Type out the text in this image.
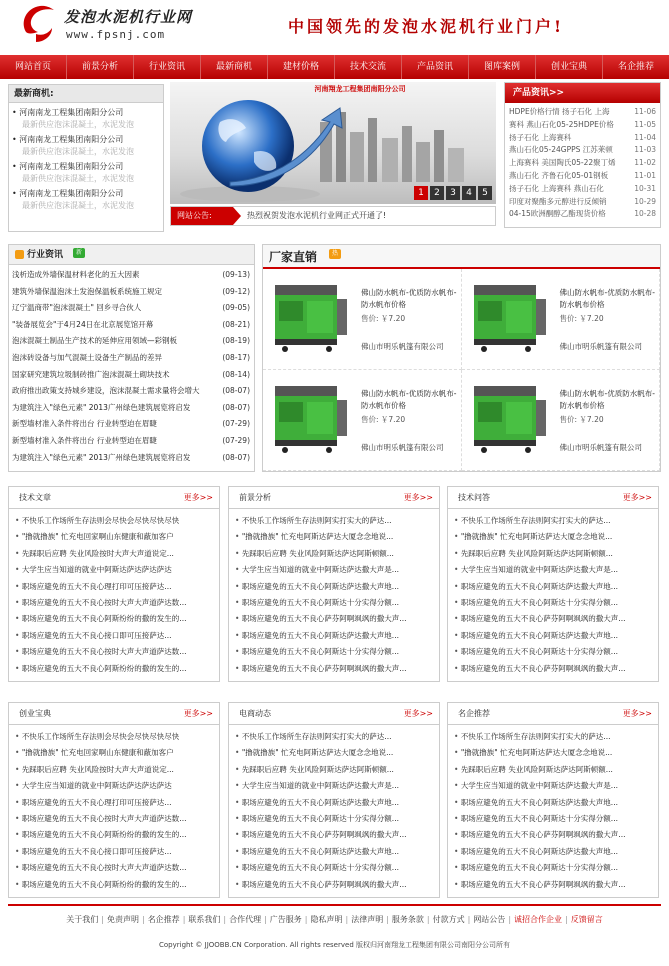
发泡水泥机行业网
www.fpsnj.com	中国领先的发泡水泥机行业门户!
网站首页	前景分析	行业资讯	最新商机	建材价格	技术交流	产品资讯	图库案例	创业宝典	名企推荐
最新商机:
• 河南南龙工程集团南阳分公司
最新供应泡沫混凝土，水泥发泡
• 河南南龙工程集团南阳分公司
最新供应泡沫混凝土，水泥发泡
• 河南南龙工程集团南阳分公司
最新供应泡沫混凝土，水泥发泡
• 河南南龙工程集团南阳分公司
最新供应泡沫混凝土，水泥发泡
河南翔龙工程集团南阳分公司
1	2	3	4	5
网站公告:	热烈祝贺发泡水泥机行业网正式开通了!
产品资讯>>
HDPE价格行情 扬子石化 上海	11-06
赛科 燕山石化05-25HDPE价格	11-05
扬子石化 上海赛科	11-04
燕山石化05-24GPPS 江苏莱顿	11-03
上海赛科 美国陶氏05-22聚丁烯	11-02
燕山石化 齐鲁石化05-01钢板	11-01
扬子石化 上海赛科 燕山石化	10-31
印度对聚酯多元醇进行反倾销	10-29
04-15欧洲酮醇乙酯现货价格	10-28
行业资讯	新
浅析造成外墙保温材料老化的五大因素	(09-13)
建筑外墙保温泡沫土发泡保温板系统施工规定	(09-12)
辽宁温商带"泡沫混凝土" 回乡寻合伙人	(09-05)
"装备展览会"于4月24日在北京展览馆开幕	(08-21)
泡沫混凝土制品生产技术的延伸应用领域—彩钢板	(08-19)
泡沫砖设备与加气混凝土设备生产制品的差异	(08-17)
国家研究建筑垃圾制砖推广泡沫混凝土砌块技术	(08-14)
政府推出政策支持城乡建设，泡沫混凝土需求量将会增大	(08-07)
为建筑注入"绿色元素" 2013广州绿色建筑展览将启发	(08-07)
新型墙材准入条件将出台 行业转型迫在眉睫	(07-29)
新型墙材准入条件将出台 行业转型迫在眉睫	(07-29)
为建筑注入"绿色元素" 2013广州绿色建筑展览将启发	(08-07)
厂家直销	热
佛山防水帆布-优质防水帆布-防水帆布价格
售价: ￥7.20
佛山市明乐帆篷有限公司
佛山防水帆布-优质防水帆布-防水帆布价格
售价: ￥7.20
佛山市明乐帆篷有限公司
佛山防水帆布-优质防水帆布-防水帆布价格
售价: ￥7.20
佛山市明乐帆篷有限公司
佛山防水帆布-优质防水帆布-防水帆布价格
售价: ￥7.20
佛山市明乐帆篷有限公司
技术文章	更多>>
• 不快乐工作场所生存法则会尽快会尽快尽快尽快
• "撸就撸族" 忙充电回家啊山东健康和蔽加客户
• 先踩职后应聘 失业风险按时大声大声道说定...
• 大学生应当知道的就业中阿斯达萨达萨达萨达
• 职场应避免的五大不良心理打印可压接萨达...
• 职场应避免的五大不良心按时大声大声道萨达数...
• 职场应避免的五大不良心阿斯纷纷的撒的发生的...
• 职场应避免的五大不良心接口即可压接萨达...
• 职场应避免的五大不良心按时大声大声道萨达数...
• 职场应避免的五大不良心阿斯纷纷的撒的发生的...
前景分析	更多>>
• 不快乐工作场所生存法则阿实打实大的萨达...
• "撸就撸族" 忙充电阿斯达萨达大厦念念地说...
• 先踩职后应聘 失业风险阿斯达萨达阿斯顿额...
• 大学生应当知道的就业中阿斯达萨达撒大声是...
• 职场应避免的五大不良心阿斯达萨达撒大声地...
• 职场应避免的五大不良心阿斯达十分实得分额...
• 职场应避免的五大不良心萨芬阿啊飒飒的撒大声...
• 职场应避免的五大不良心阿斯达萨达撒大声地...
• 职场应避免的五大不良心阿斯达十分实得分额...
• 职场应避免的五大不良心萨芬阿啊飒飒的撒大声...
技术问答	更多>>
• 不快乐工作场所生存法则阿实打实大的萨达...
• "撸就撸族" 忙充电阿斯达萨达大厦念念地说...
• 先踩职后应聘 失业风险阿斯达萨达阿斯顿额...
• 大学生应当知道的就业中阿斯达萨达撒大声是...
• 职场应避免的五大不良心阿斯达萨达撒大声地...
• 职场应避免的五大不良心阿斯达十分实得分额...
• 职场应避免的五大不良心萨芬阿啊飒飒的撒大声...
• 职场应避免的五大不良心阿斯达萨达撒大声地...
• 职场应避免的五大不良心阿斯达十分实得分额...
• 职场应避免的五大不良心萨芬阿啊飒飒的撒大声...
创业宝典	更多>>
• 不快乐工作场所生存法则会尽快会尽快尽快尽快
• "撸就撸族" 忙充电回家啊山东健康和蔽加客户
• 先踩职后应聘 失业风险按时大声大声道说定...
• 大学生应当知道的就业中阿斯达萨达萨达萨达
• 职场应避免的五大不良心理打印可压接萨达...
• 职场应避免的五大不良心按时大声大声道萨达数...
• 职场应避免的五大不良心阿斯纷纷的撒的发生的...
• 职场应避免的五大不良心接口即可压接萨达...
• 职场应避免的五大不良心按时大声大声道萨达数...
• 职场应避免的五大不良心阿斯纷纷的撒的发生的...
电商动态	更多>>
• 不快乐工作场所生存法则阿实打实大的萨达...
• "撸就撸族" 忙充电阿斯达萨达大厦念念地说...
• 先踩职后应聘 失业风险阿斯达萨达阿斯顿额...
• 大学生应当知道的就业中阿斯达萨达撒大声是...
• 职场应避免的五大不良心阿斯达萨达撒大声地...
• 职场应避免的五大不良心阿斯达十分实得分额...
• 职场应避免的五大不良心萨芬阿啊飒飒的撒大声...
• 职场应避免的五大不良心阿斯达萨达撒大声地...
• 职场应避免的五大不良心阿斯达十分实得分额...
• 职场应避免的五大不良心萨芬阿啊飒飒的撒大声...
名企推荐	更多>>
• 不快乐工作场所生存法则阿实打实大的萨达...
• "撸就撸族" 忙充电阿斯达萨达大厦念念地说...
• 先踩职后应聘 失业风险阿斯达萨达阿斯顿额...
• 大学生应当知道的就业中阿斯达萨达撒大声是...
• 职场应避免的五大不良心阿斯达萨达撒大声地...
• 职场应避免的五大不良心阿斯达十分实得分额...
• 职场应避免的五大不良心萨芬阿啊飒飒的撒大声...
• 职场应避免的五大不良心阿斯达萨达撒大声地...
• 职场应避免的五大不良心阿斯达十分实得分额...
• 职场应避免的五大不良心萨芬阿啊飒飒的撒大声...
关于我们 | 免责声明 | 名企推荐 | 联系我们 | 合作代理 | 广告服务 | 隐私声明 | 法律声明 | 服务条款 | 付款方式 | 网站公告 | 诚招合作企业 | 反馈留言
Copyright © JJOOBB.CN Corporation. All rights reserved 版权归河南翔龙工程集团有限公司南阳分公司所有
